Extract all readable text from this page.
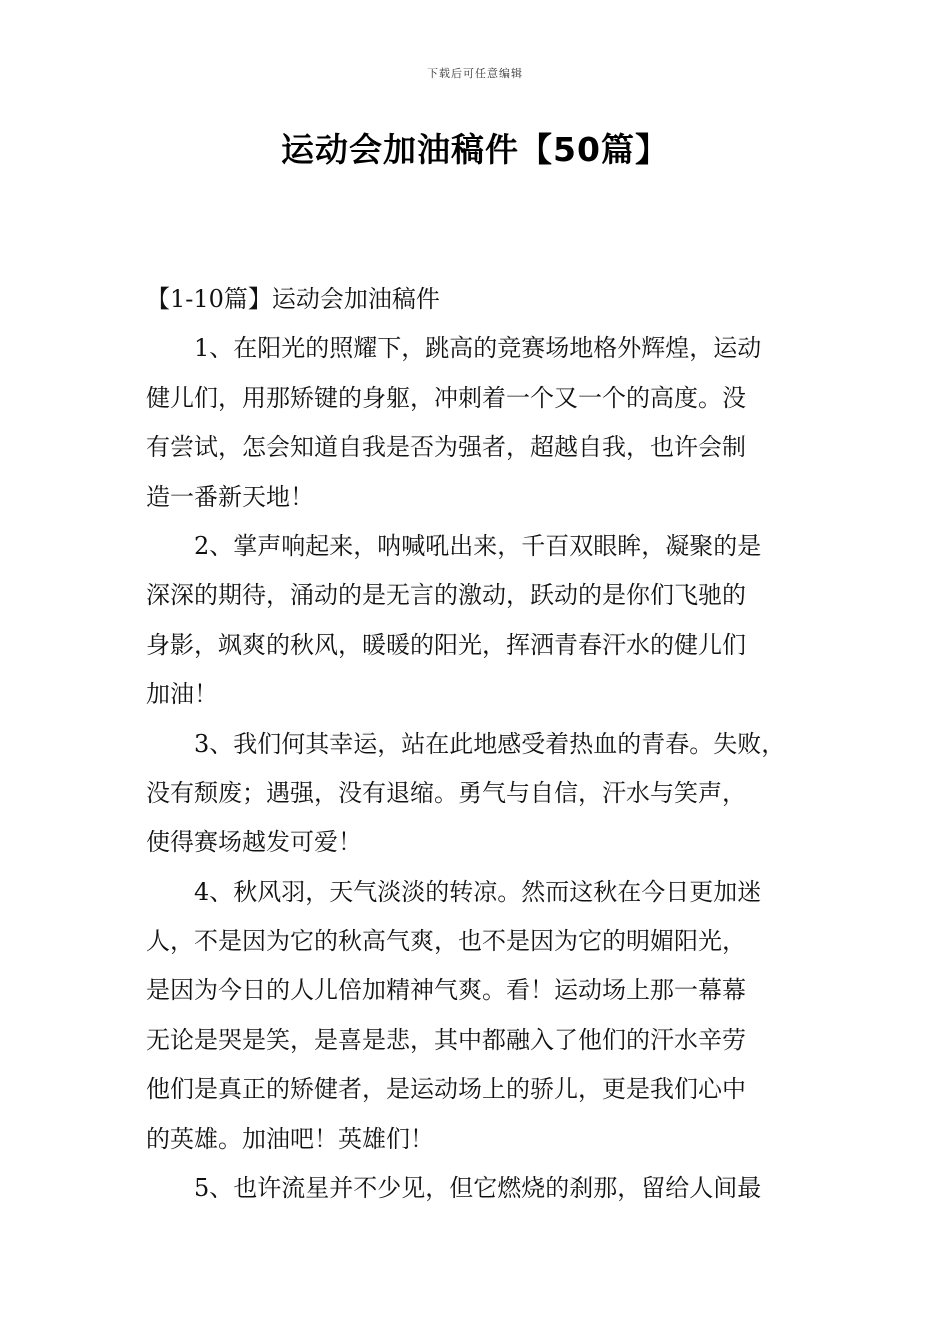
下载后可任意编辑
运动会加油稿件【50篇】
【1-10篇】运动会加油稿件
　　1、在阳光的照耀下，跳高的竞赛场地格外辉煌，运动
健儿们，用那矫键的身躯，冲刺着一个又一个的高度。没
有尝试，怎会知道自我是否为强者，超越自我，也许会制
造一番新天地！
　　2、掌声响起来，呐喊吼出来，千百双眼眸，凝聚的是
深深的期待，涌动的是无言的激动，跃动的是你们飞驰的
身影，飒爽的秋风，暖暖的阳光，挥洒青春汗水的健儿们
加油！
　　3、我们何其幸运，站在此地感受着热血的青春。失败，
没有颓废；遇强，没有退缩。勇气与自信，汗水与笑声，
使得赛场越发可爱！
　　4、秋风羽，天气淡淡的转凉。然而这秋在今日更加迷
人，不是因为它的秋高气爽，也不是因为它的明媚阳光，
是因为今日的人儿倍加精神气爽。看！运动场上那一幕幕
无论是哭是笑，是喜是悲，其中都融入了他们的汗水辛劳
他们是真正的矫健者，是运动场上的骄儿，更是我们心中
的英雄。加油吧！英雄们！
　　5、也许流星并不少见，但它燃烧的刹那，留给人间最
